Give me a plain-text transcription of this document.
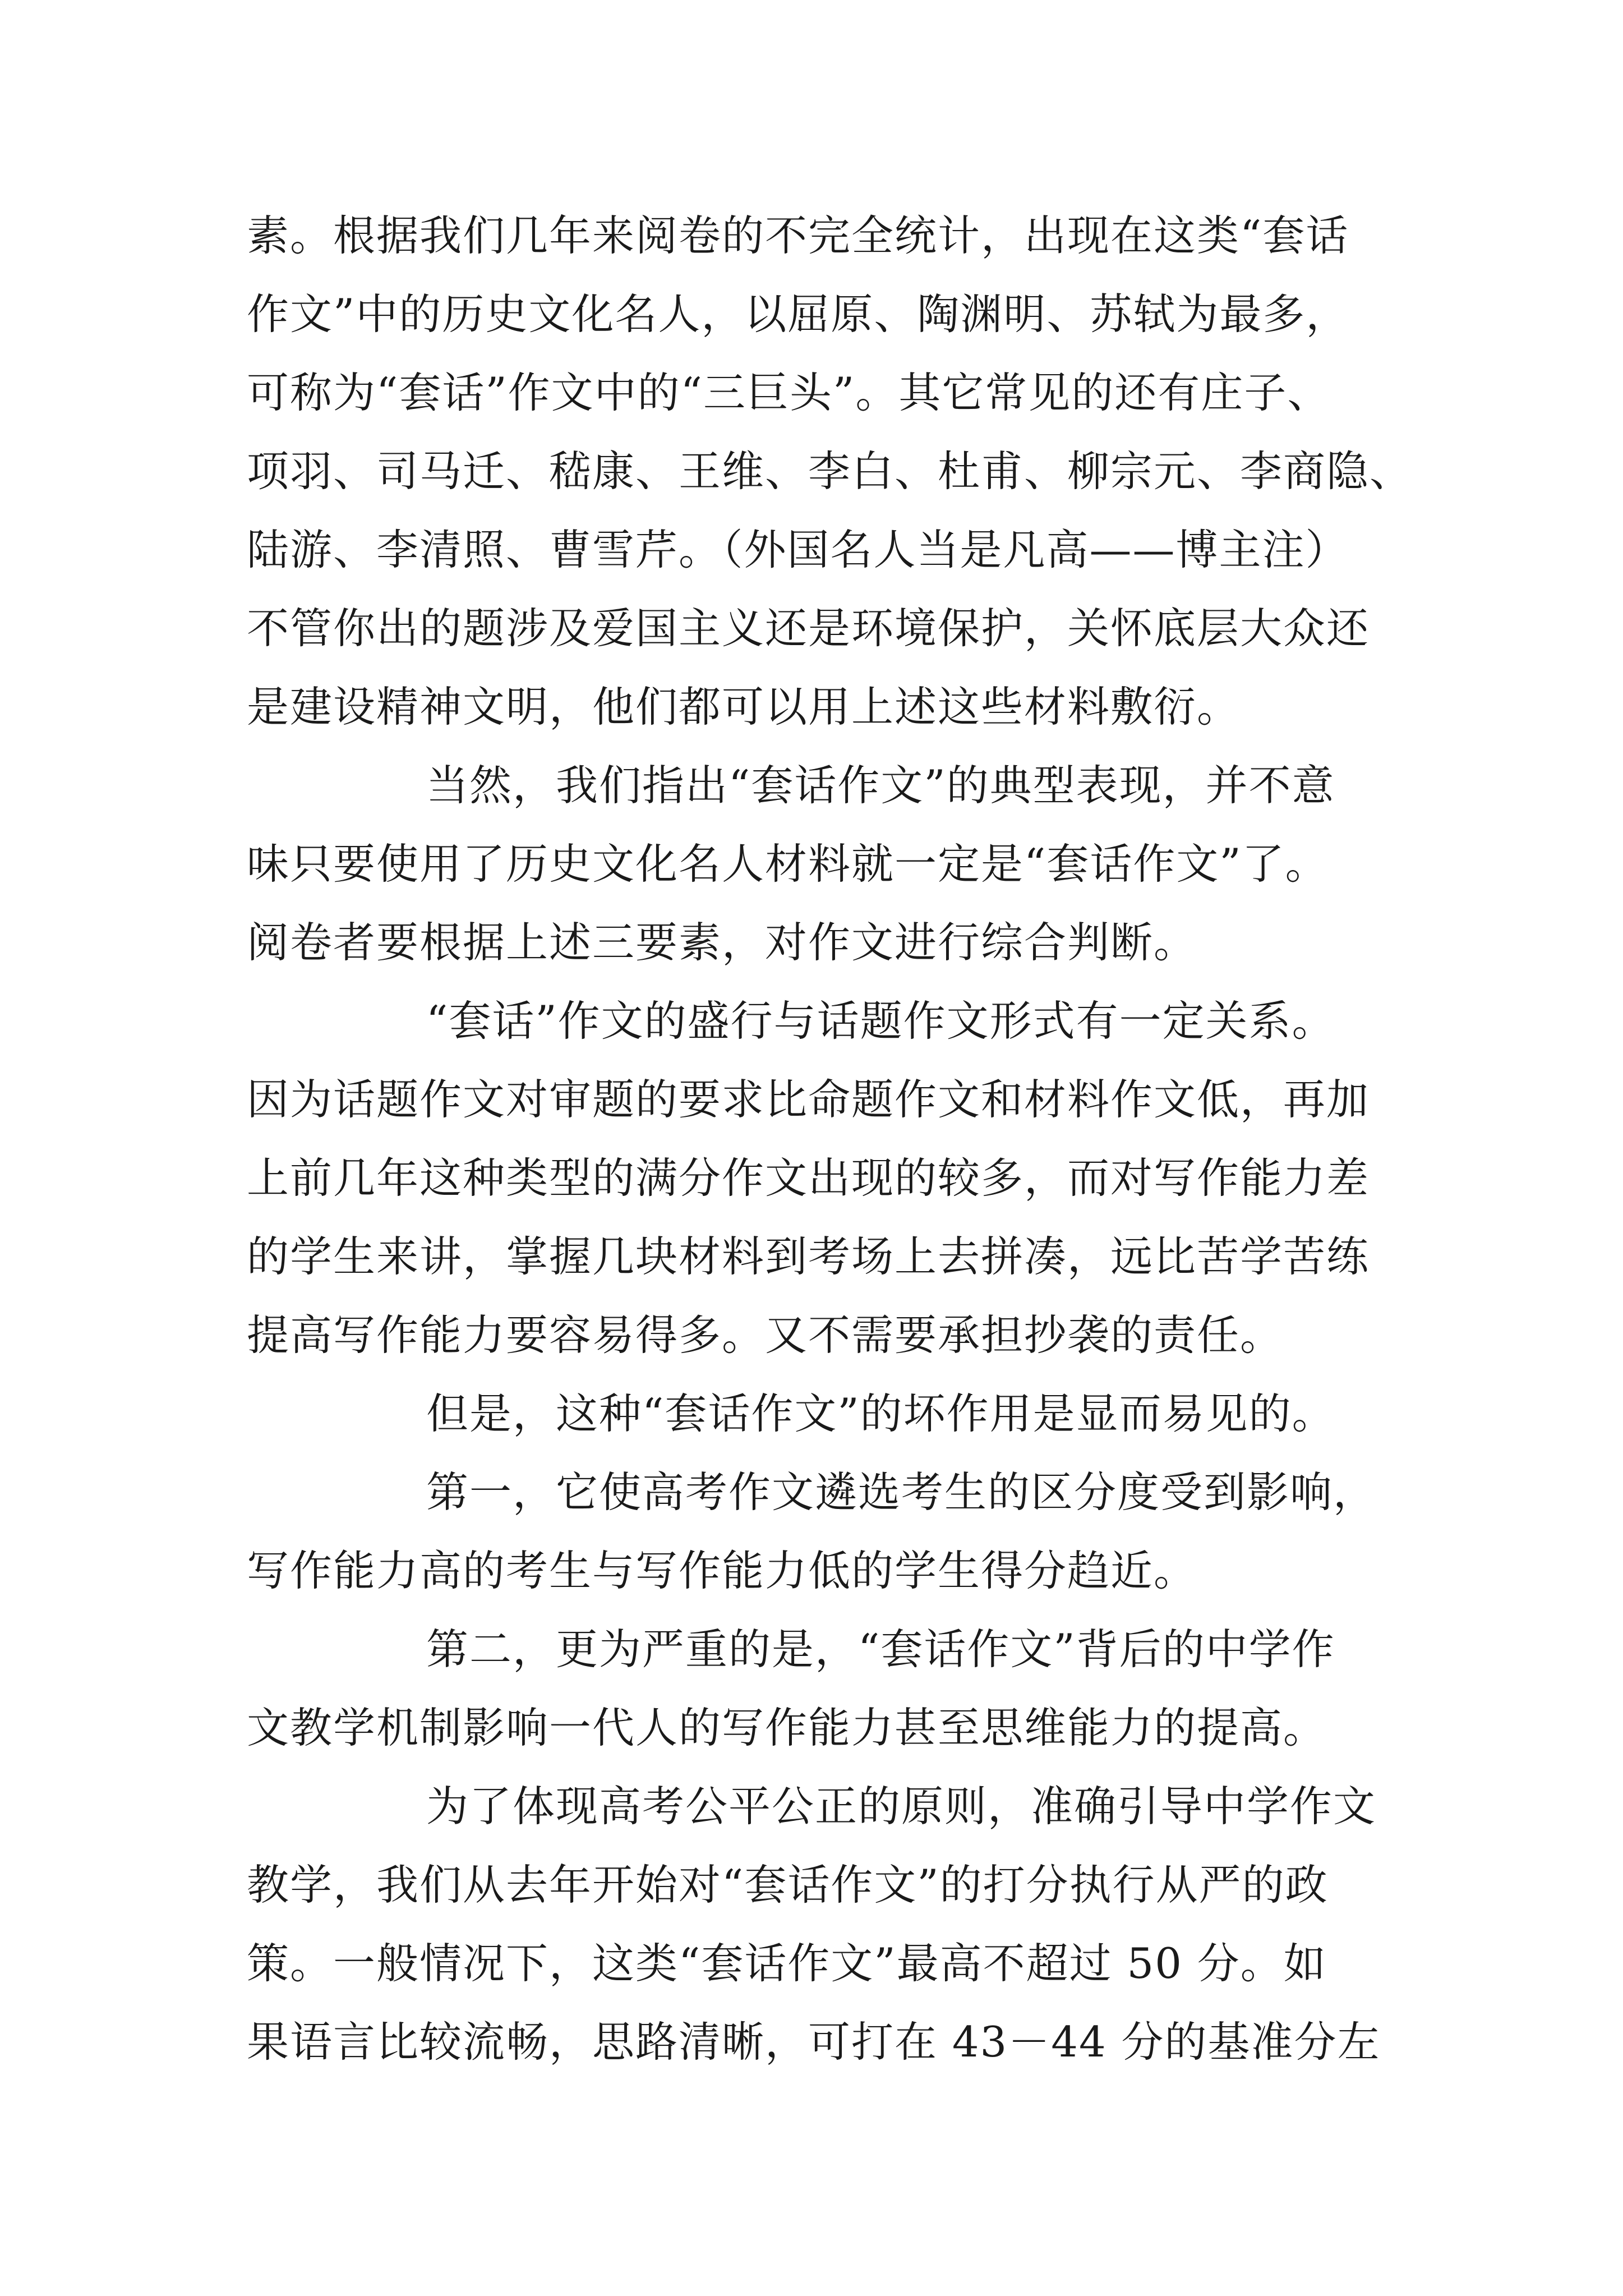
素。根据我们几年来阅卷的不完全统计，出现在这类“套话
作文”中的历史文化名人，以屈原、陶渊明、苏轼为最多，
可称为“套话”作文中的“三巨头”。其它常见的还有庄子、
项羽、司马迁、嵇康、王维、李白、杜甫、柳宗元、李商隐、
陆游、李清照、曹雪芹。（外国名人当是凡高——博主注）
不管你出的题涉及爱国主义还是环境保护，关怀底层大众还
是建设精神文明，他们都可以用上述这些材料敷衍。
当然，我们指出“套话作文”的典型表现，并不意
味只要使用了历史文化名人材料就一定是“套话作文”了。
阅卷者要根据上述三要素，对作文进行综合判断。
“套话”作文的盛行与话题作文形式有一定关系。
因为话题作文对审题的要求比命题作文和材料作文低，再加
上前几年这种类型的满分作文出现的较多，而对写作能力差
的学生来讲，掌握几块材料到考场上去拼凑，远比苦学苦练
提高写作能力要容易得多。又不需要承担抄袭的责任。
但是，这种“套话作文”的坏作用是显而易见的。
第一，它使高考作文遴选考生的区分度受到影响，
写作能力高的考生与写作能力低的学生得分趋近。
第二，更为严重的是，“套话作文”背后的中学作
文教学机制影响一代人的写作能力甚至思维能力的提高。
为了体现高考公平公正的原则，准确引导中学作文
教学，我们从去年开始对“套话作文”的打分执行从严的政
策。一般情况下，这类“套话作文”最高不超过 50 分。如
果语言比较流畅，思路清晰，可打在 43－44 分的基准分左
